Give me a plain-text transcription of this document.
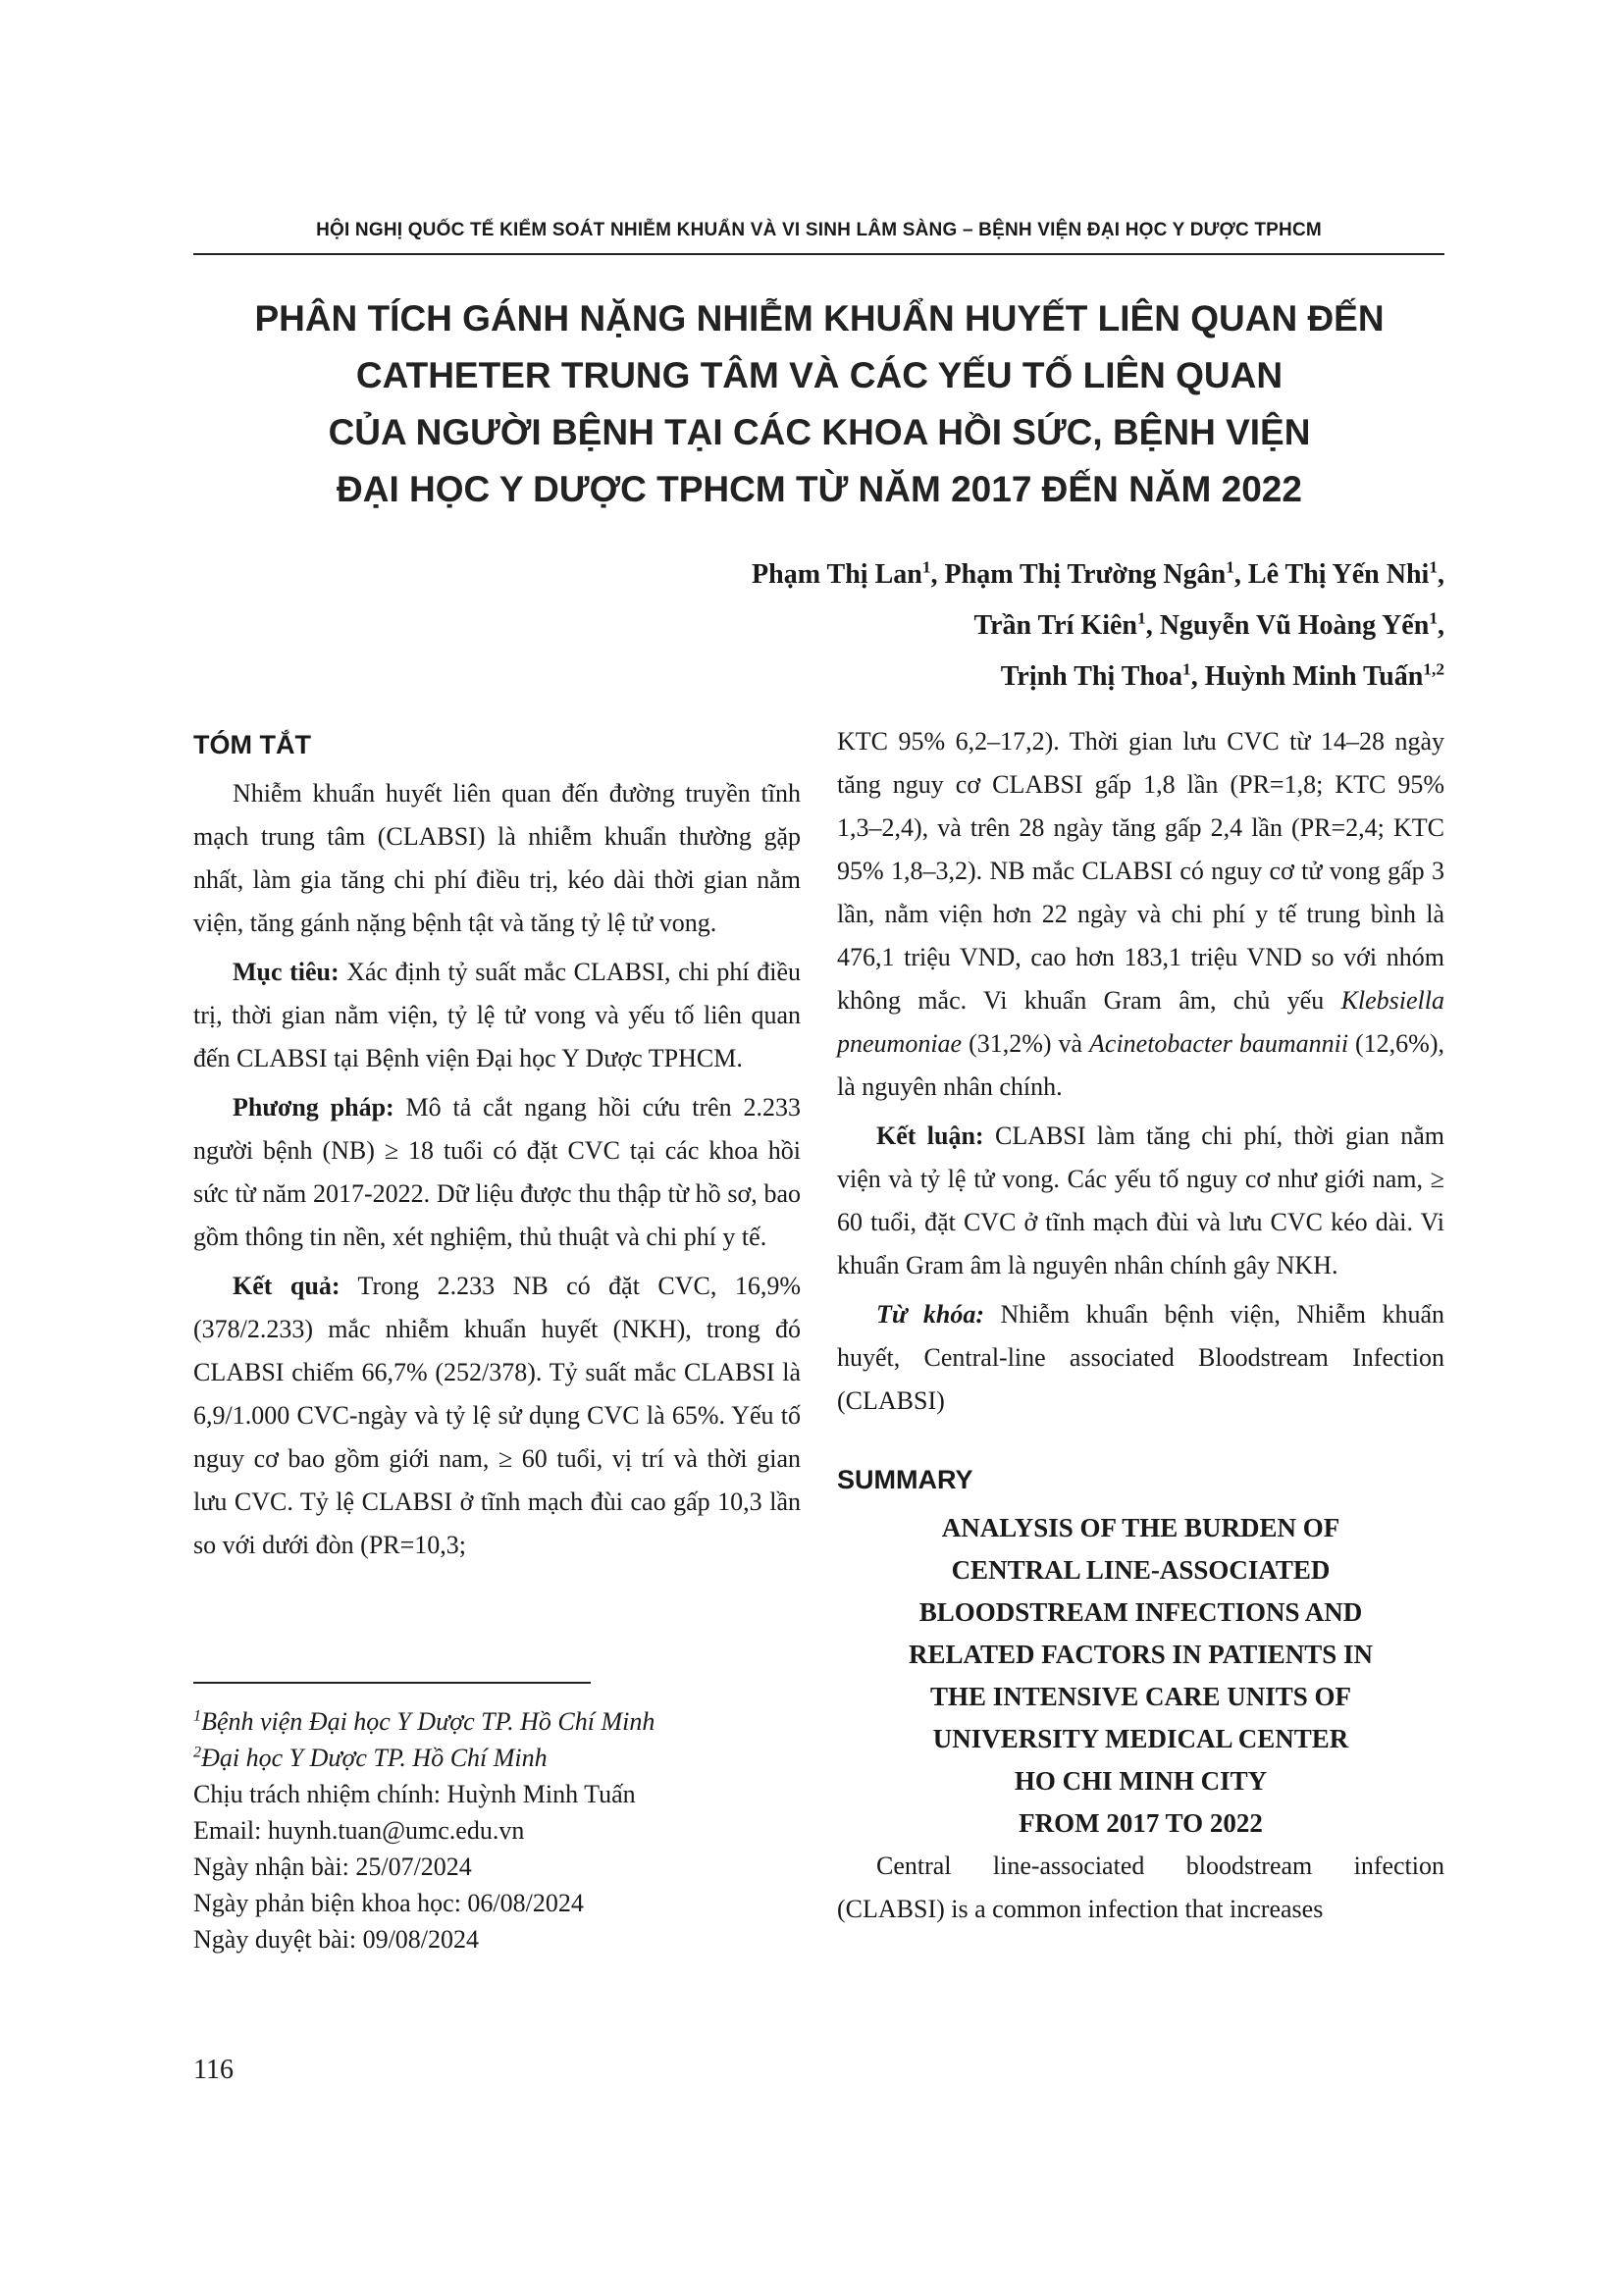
HỘI NGHỊ QUỐC TẾ KIỂM SOÁT NHIỄM KHUẨN VÀ VI SINH LÂM SÀNG – BỆNH VIỆN ĐẠI HỌC Y DƯỢC TPHCM
PHÂN TÍCH GÁNH NẶNG NHIỄM KHUẨN HUYẾT LIÊN QUAN ĐẾN
CATHETER TRUNG TÂM VÀ CÁC YẾU TỐ LIÊN QUAN
CỦA NGƯỜI BỆNH TẠI CÁC KHOA HỒI SỨC, BỆNH VIỆN
ĐẠI HỌC Y DƯỢC TPHCM TỪ NĂM 2017 ĐẾN NĂM 2022
Phạm Thị Lan$^1$, Phạm Thị Trường Ngân$^1$, Lê Thị Yến Nhi$^1$,
Trần Trí Kiên$^1$, Nguyễn Vũ Hoàng Yến$^1$,
Trịnh Thị Thoa$^1$, Huỳnh Minh Tuấn$^{1,2}$
TÓM TẮT

Nhiễm khuẩn huyết liên quan đến đường truyền tĩnh mạch trung tâm (CLABSI) là nhiễm khuẩn thường gặp nhất, làm gia tăng chi phí điều trị, kéo dài thời gian nằm viện, tăng gánh nặng bệnh tật và tăng tỷ lệ tử vong.

Mục tiêu: Xác định tỷ suất mắc CLABSI, chi phí điều trị, thời gian nằm viện, tỷ lệ tử vong và yếu tố liên quan đến CLABSI tại Bệnh viện Đại học Y Dược TPHCM.

Phương pháp: Mô tả cắt ngang hồi cứu trên 2.233 người bệnh (NB) ≥ 18 tuổi có đặt CVC tại các khoa hồi sức từ năm 2017-2022. Dữ liệu được thu thập từ hồ sơ, bao gồm thông tin nền, xét nghiệm, thủ thuật và chi phí y tế.

Kết quả: Trong 2.233 NB có đặt CVC, 16,9% (378/2.233) mắc nhiễm khuẩn huyết (NKH), trong đó CLABSI chiếm 66,7% (252/378). Tỷ suất mắc CLABSI là 6,9/1.000 CVC-ngày và tỷ lệ sử dụng CVC là 65%. Yếu tố nguy cơ bao gồm giới nam, ≥ 60 tuổi, vị trí và thời gian lưu CVC. Tỷ lệ CLABSI ở tĩnh mạch đùi cao gấp 10,3 lần so với dưới đòn (PR=10,3;

$^1$Bệnh viện Đại học Y Dược TP. Hồ Chí Minh
$^2$Đại học Y Dược TP. Hồ Chí Minh
Chịu trách nhiệm chính: Huỳnh Minh Tuấn
Email: huynh.tuan@umc.edu.vn
Ngày nhận bài: 25/07/2024
Ngày phản biện khoa học: 06/08/2024
Ngày duyệt bài: 09/08/2024

KTC 95% 6,2–17,2). Thời gian lưu CVC từ 14–28 ngày tăng nguy cơ CLABSI gấp 1,8 lần (PR=1,8; KTC 95% 1,3–2,4), và trên 28 ngày tăng gấp 2,4 lần (PR=2,4; KTC 95% 1,8–3,2). NB mắc CLABSI có nguy cơ tử vong gấp 3 lần, nằm viện hơn 22 ngày và chi phí y tế trung bình là 476,1 triệu VND, cao hơn 183,1 triệu VND so với nhóm không mắc. Vi khuẩn Gram âm, chủ yếu Klebsiella pneumoniae (31,2%) và Acinetobacter baumannii (12,6%), là nguyên nhân chính.

Kết luận: CLABSI làm tăng chi phí, thời gian nằm viện và tỷ lệ tử vong. Các yếu tố nguy cơ như giới nam, ≥ 60 tuổi, đặt CVC ở tĩnh mạch đùi và lưu CVC kéo dài. Vi khuẩn Gram âm là nguyên nhân chính gây NKH.

Từ khóa: Nhiễm khuẩn bệnh viện, Nhiễm khuẩn huyết, Central-line associated Bloodstream Infection (CLABSI)

SUMMARY
ANALYSIS OF THE BURDEN OF
CENTRAL LINE-ASSOCIATED
BLOODSTREAM INFECTIONS AND
RELATED FACTORS IN PATIENTS IN
THE INTENSIVE CARE UNITS OF
UNIVERSITY MEDICAL CENTER
HO CHI MINH CITY
FROM 2017 TO 2022

Central line-associated bloodstream infection (CLABSI) is a common infection that increases

116
